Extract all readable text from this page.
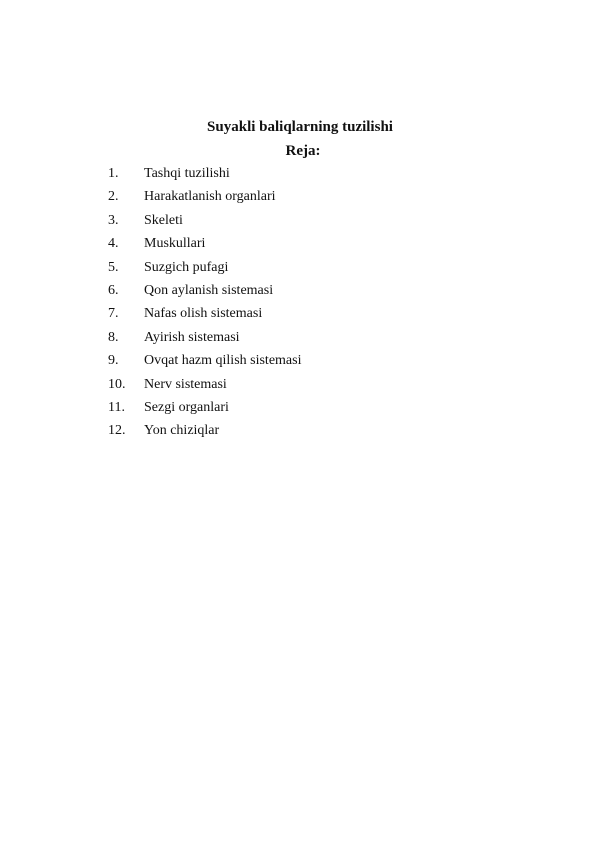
Suyakli baliqlarning tuzilishi
Reja:
1. Tashqi tuzilishi
2. Harakatlanish organlari
3. Skeleti
4. Muskullari
5. Suzgich pufagi
6. Qon aylanish sistemasi
7. Nafas olish sistemasi
8. Ayirish sistemasi
9. Ovqat hazm qilish sistemasi
10. Nerv sistemasi
11. Sezgi organlari
12. Yon chiziqlar
